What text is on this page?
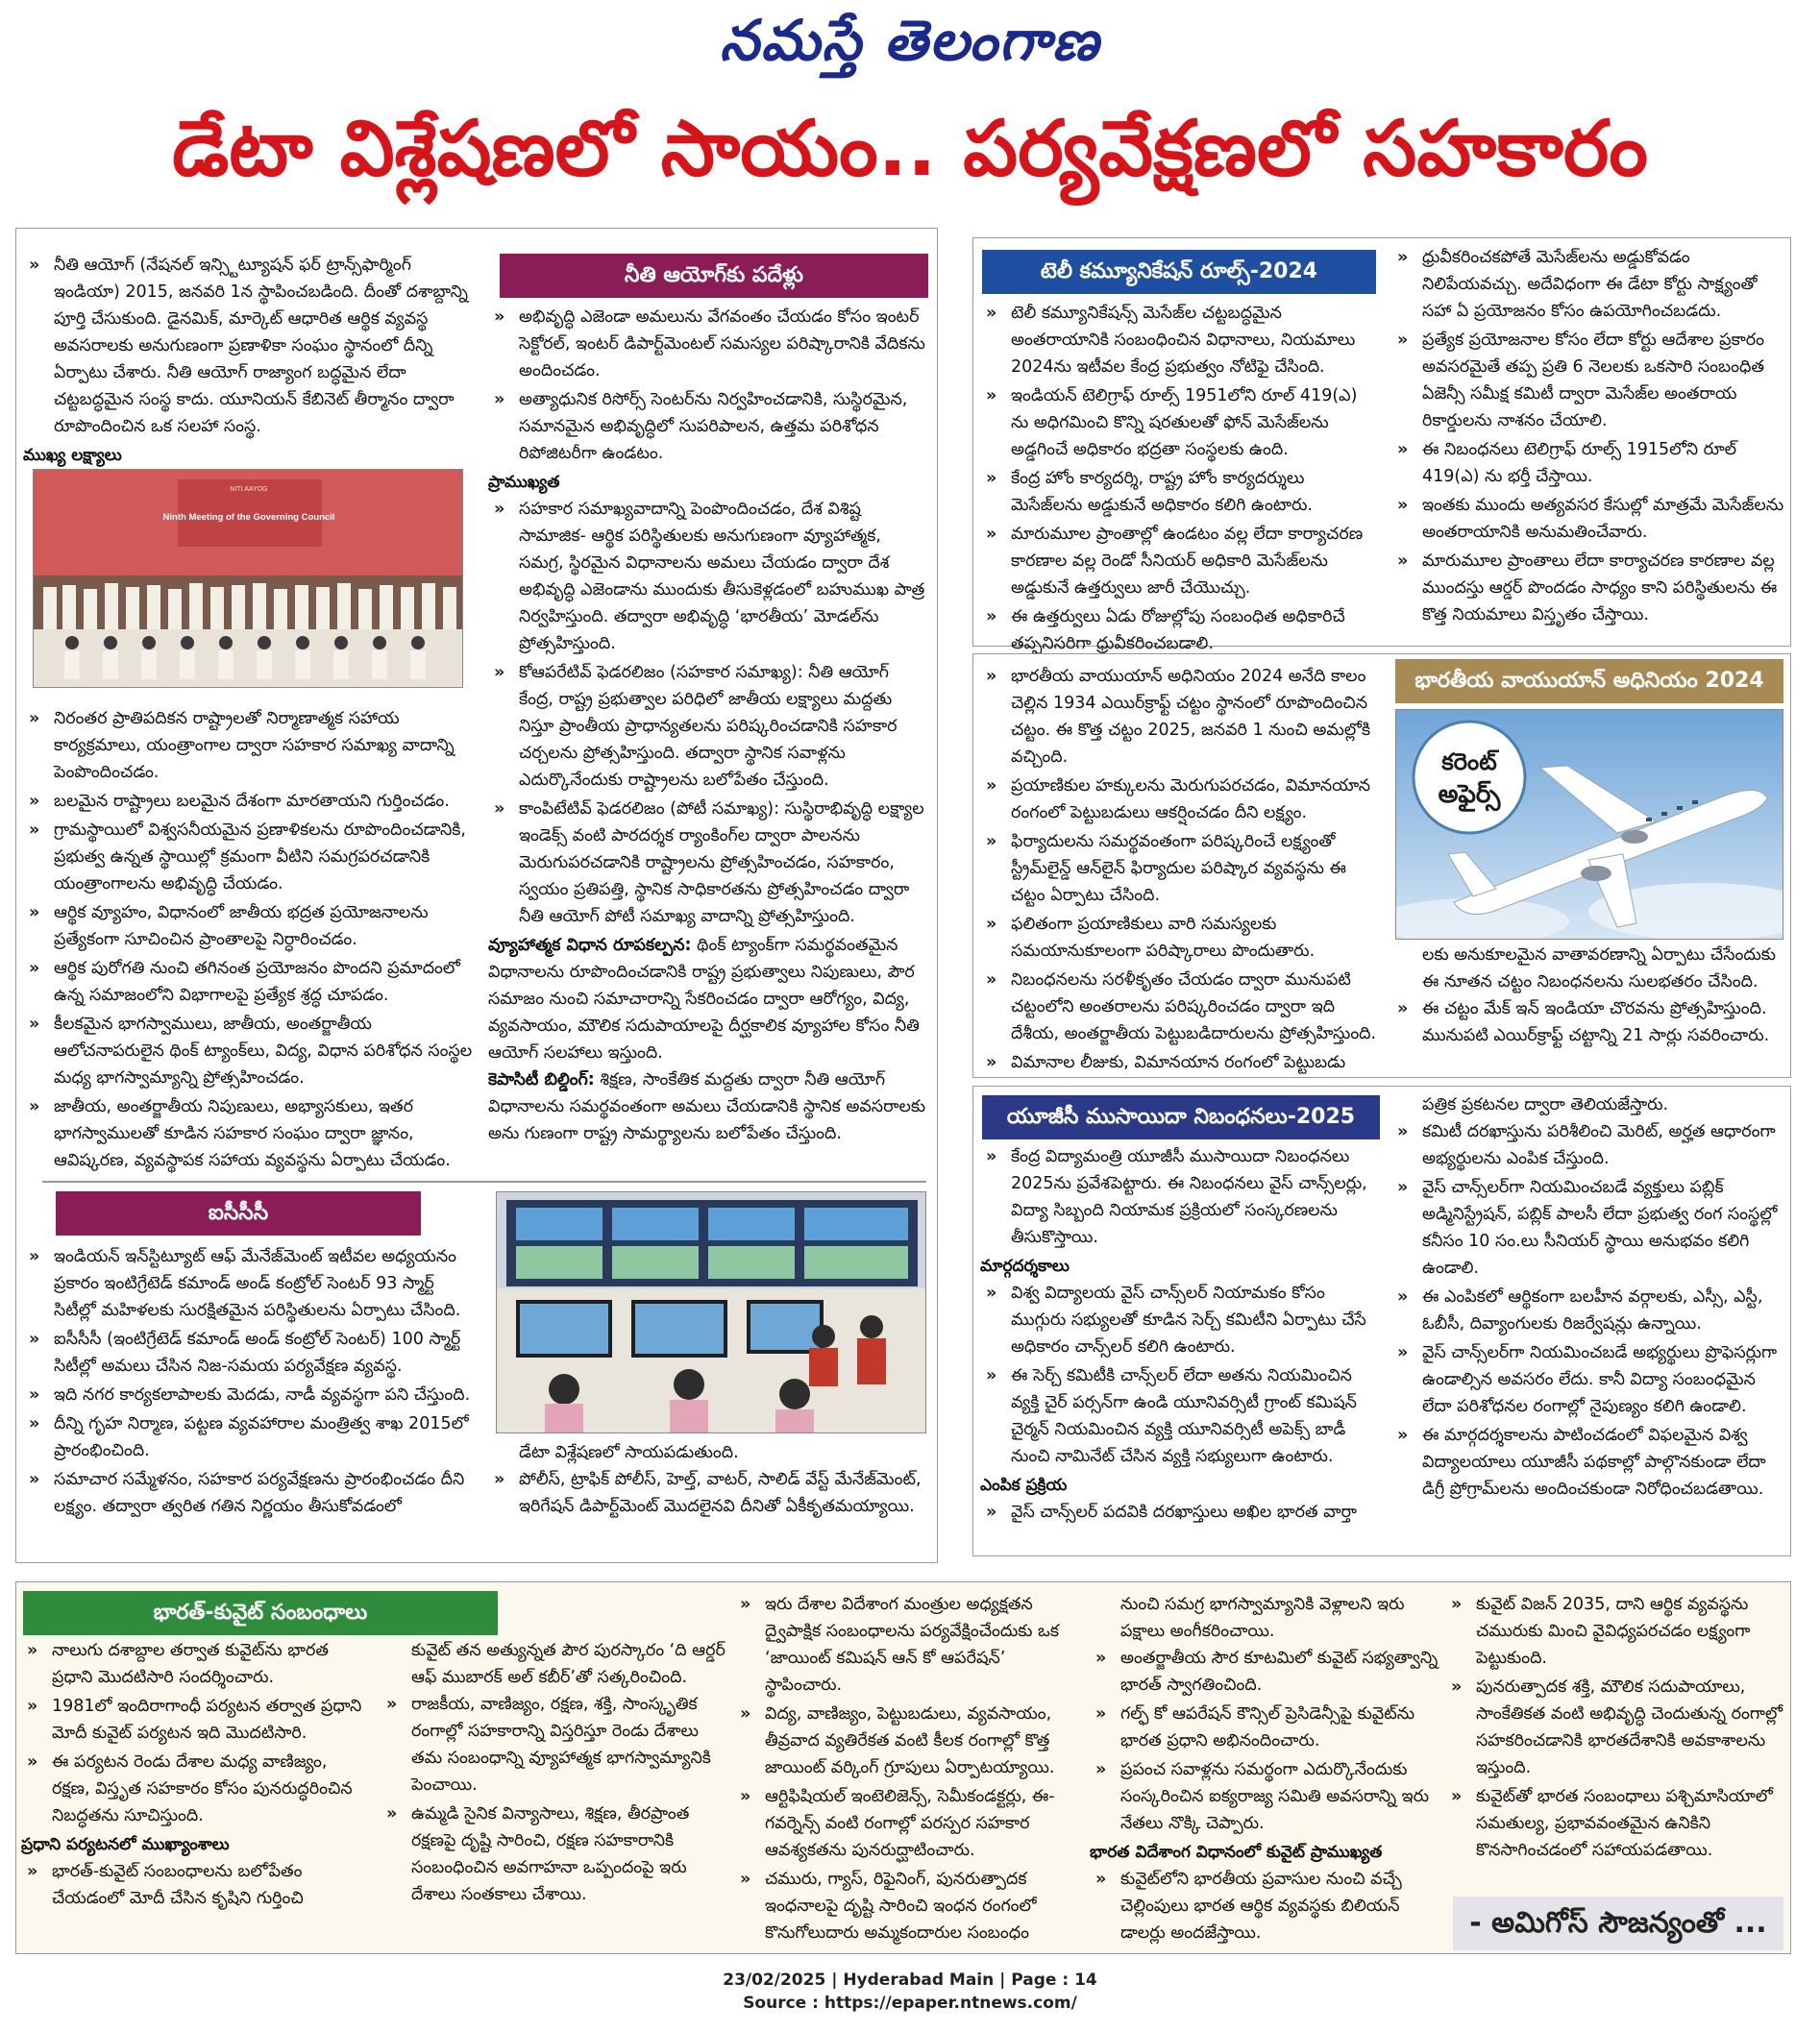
నమస్తే తెలంగాణ
డేటా విశ్లేషణలో సాయం.. పర్యవేక్షణలో సహకారం
» నీతి ఆయోగ్ (నేషనల్ ఇన్స్టిట్యూషన్ ఫర్ ట్రాన్స్‌ఫార్మింగ్ ఇండియా) 2015, జనవరి 1న స్థాపించబడింది. దీంతో దశాబ్దాన్ని పూర్తి చేసుకుంది. డైనమిక్, మార్కెట్ ఆధారిత ఆర్థిక వ్యవస్థ అవసరాలకు అనుగుణంగా ప్రణాళికా సంఘం స్థానంలో దీన్ని ఏర్పాటు చేశారు. నీతి ఆయోగ్ రాజ్యాంగ బద్ధమైన లేదా చట్టబద్ధమైన సంస్థ కాదు. యూనియన్ కేబినెట్ తీర్మానం ద్వారా రూపొందించిన ఒక సలహా సంస్థ.
ముఖ్య లక్ష్యాలు
NITI AAYOG
Ninth Meeting of the Governing Council
» నిరంతర ప్రాతిపదికన రాష్ట్రాలతో నిర్మాణాత్మక సహాయ కార్యక్రమాలు, యంత్రాంగాల ద్వారా సహకార సమాఖ్య వాదాన్ని పెంపొందించడం.
» బలమైన రాష్ట్రాలు బలమైన దేశంగా మారతాయని గుర్తించడం.
» గ్రామస్థాయిలో విశ్వసనీయమైన ప్రణాళికలను రూపొందించడానికి, ప్రభుత్వ ఉన్నత స్థాయిల్లో క్రమంగా వీటిని సమగ్రపరచడానికి యంత్రాంగాలను అభివృద్ధి చేయడం.
» ఆర్థిక వ్యూహం, విధానంలో జాతీయ భద్రత ప్రయోజనాలను ప్రత్యేకంగా సూచించిన ప్రాంతాలపై నిర్ధారించడం.
» ఆర్థిక పురోగతి నుంచి తగినంత ప్రయోజనం పొందని ప్రమాదంలో ఉన్న సమాజంలోని విభాగాలపై ప్రత్యేక శ్రద్ధ చూపడం.
» కీలకమైన భాగస్వాములు, జాతీయ, అంతర్జాతీయ ఆలోచనాపరులైన థింక్ ట్యాంక్‌లు, విద్య, విధాన పరిశోధన సంస్థల మధ్య భాగస్వామ్యాన్ని ప్రోత్సహించడం.
» జాతీయ, అంతర్జాతీయ నిపుణులు, అభ్యాసకులు, ఇతర భాగస్వాములతో కూడిన సహకార సంఘం ద్వారా జ్ఞానం, ఆవిష్కరణ, వ్యవస్థాపక సహాయ వ్యవస్థను ఏర్పాటు చేయడం.
నీతి ఆయోగ్‌కు పదేళ్లు
» అభివృద్ధి ఎజెండా అమలును వేగవంతం చేయడం కోసం ఇంటర్ సెక్టోరల్, ఇంటర్ డిపార్ట్‌మెంటల్ సమస్యల పరిష్కారానికి వేదికను అందించడం.
» అత్యాధునిక రిసోర్స్ సెంటర్‌ను నిర్వహించడానికి, సుస్థిరమైన, సమానమైన అభివృద్ధిలో సుపరిపాలన, ఉత్తమ పరిశోధన రిపోజిటరీగా ఉండటం.
ప్రాముఖ్యత
» సహకార సమాఖ్యవాదాన్ని పెంపొందించడం, దేశ విశిష్ట సామాజిక- ఆర్థిక పరిస్థితులకు అనుగుణంగా వ్యూహాత్మక, సమగ్ర, స్థిరమైన విధానాలను అమలు చేయడం ద్వారా దేశ అభివృద్ధి ఎజెండాను ముందుకు తీసుకెళ్లడంలో బహుముఖ పాత్ర నిర్వహిస్తుంది. తద్వారా అభివృద్ధి ‘భారతీయ’ మోడల్‌ను ప్రోత్సహిస్తుంది.
» కోఆపరేటివ్ ఫెడరలిజం (సహకార సమాఖ్య): నీతి ఆయోగ్ కేంద్ర, రాష్ట్ర ప్రభుత్వాల పరిధిలో జాతీయ లక్ష్యాలు మద్దతు నిస్తూ ప్రాంతీయ ప్రాధాన్యతలను పరిష్కరించడానికి సహకార చర్చలను ప్రోత్సహిస్తుంది. తద్వారా స్థానిక సవాళ్లను ఎదుర్కొనేందుకు రాష్ట్రాలను బలోపేతం చేస్తుంది.
» కాంపిటేటివ్ ఫెడరలిజం (పోటీ సమాఖ్య): సుస్థిరాభివృద్ధి లక్ష్యాల ఇండెక్స్ వంటి పారదర్శక ర్యాంకింగ్‌ల ద్వారా పాలనను మెరుగుపరచడానికి రాష్ట్రాలను ప్రోత్సహించడం, సహకారం, స్వయం ప్రతిపత్తి, స్థానిక సాధికారతను ప్రోత్సహించడం ద్వారా నీతి ఆయోగ్ పోటీ సమాఖ్య వాదాన్ని ప్రోత్సహిస్తుంది.
వ్యూహాత్మక విధాన రూపకల్పన: థింక్ ట్యాంక్‌గా సమర్థవంతమైన విధానాలను రూపొందించడానికి రాష్ట్ర ప్రభుత్వాలు నిపుణులు, పౌర సమాజం నుంచి సమాచారాన్ని సేకరించడం ద్వారా ఆరోగ్యం, విద్య, వ్యవసాయం, మౌలిక సదుపాయాలపై దీర్ఘకాలిక వ్యూహాల కోసం నీతి ఆయోగ్ సలహాలు ఇస్తుంది.
కెపాసిటీ బిల్డింగ్: శిక్షణ, సాంకేతిక మద్దతు ద్వారా నీతి ఆయోగ్ విధానాలను సమర్థవంతంగా అమలు చేయడానికి స్థానిక అవసరాలకు అను గుణంగా రాష్ట్ర సామర్థ్యాలను బలోపేతం చేస్తుంది.
ఐసీసీసీ
» ఇండియన్ ఇన్‌స్టిట్యూట్ ఆఫ్ మేనేజ్‌మెంట్ ఇటీవల అధ్యయనం ప్రకారం ఇంటిగ్రేటెడ్ కమాండ్ అండ్ కంట్రోల్ సెంటర్ 93 స్మార్ట్ సిటీల్లో మహిళలకు సురక్షితమైన పరిస్థితులను ఏర్పాటు చేసింది.
» ఐసీసీసీ (ఇంటిగ్రేటెడ్ కమాండ్ అండ్ కంట్రోల్ సెంటర్) 100 స్మార్ట్ సిటీల్లో అమలు చేసిన నిజ-సమయ పర్యవేక్షణ వ్యవస్థ.
» ఇది నగర కార్యకలాపాలకు మెదడు, నాడీ వ్యవస్థగా పని చేస్తుంది.
» దీన్ని గృహ నిర్మాణ, పట్టణ వ్యవహారాల మంత్రిత్వ శాఖ 2015లో ప్రారంభించింది.
» సమాచార సమ్మేళనం, సహకార పర్యవేక్షణను ప్రారంభించడం దీని లక్ష్యం. తద్వారా త్వరిత గతిన నిర్ణయం తీసుకోవడంలో
డేటా విశ్లేషణలో సాయపడుతుంది.
» పోలీస్, ట్రాఫిక్ పోలీస్, హెల్త్, వాటర్, సాలిడ్ వేస్ట్ మేనేజ్‌మెంట్, ఇరిగేషన్ డిపార్ట్‌మెంట్ మొదలైనవి దీనితో ఏకీకృతమయ్యాయి.
టెలీ కమ్యూనికేషన్ రూల్స్-2024
» టెలీ కమ్యూనికేషన్స్ మెసేజ్‌ల చట్టబద్ధమైన అంతరాయానికి సంబంధించిన విధానాలు, నియమాలు 2024ను ఇటీవల కేంద్ర ప్రభుత్వం నోటిఫై చేసింది.
» ఇండియన్ టెలిగ్రాఫ్ రూల్స్ 1951లోని రూల్ 419(ఎ) ను అధిగమించి కొన్ని షరతులతో ఫోన్ మెసేజ్‌లను అడ్డగించే అధికారం భద్రతా సంస్థలకు ఉంది.
» కేంద్ర హోం కార్యదర్శి, రాష్ట్ర హోం కార్యదర్శులు మెసేజ్‌లను అడ్డుకునే అధికారం కలిగి ఉంటారు.
» మారుమూల ప్రాంతాల్లో ఉండటం వల్ల లేదా కార్యాచరణ కారణాల వల్ల రెండో సీనియర్ అధికారి మెసేజ్‌లను అడ్డుకునే ఉత్తర్వులు జారీ చేయొచ్చు.
» ఈ ఉత్తర్వులు ఏడు రోజుల్లోపు సంబంధిత అధికారిచే తప్పనిసరిగా ధ్రువీకరించబడాలి.
» ధ్రువీకరించకపోతే మెసేజ్‌లను అడ్డుకోవడం నిలిపేయవచ్చు. అదేవిధంగా ఈ డేటా కోర్టు సాక్ష్యంతో సహా ఏ ప్రయోజనం కోసం ఉపయోగించబడదు.
» ప్రత్యేక ప్రయోజనాల కోసం లేదా కోర్టు ఆదేశాల ప్రకారం అవసరమైతే తప్ప ప్రతి 6 నెలలకు ఒకసారి సంబంధిత ఏజెన్సీ సమీక్ష కమిటీ ద్వారా మెసేజ్‌ల అంతరాయ రికార్డులను నాశనం చేయాలి.
» ఈ నిబంధనలు టెలిగ్రాఫ్ రూల్స్ 1915లోని రూల్ 419(ఎ) ను భర్తీ చేస్తాయి.
» ఇంతకు ముందు అత్యవసర కేసుల్లో మాత్రమే మెసేజ్‌లను అంతరాయానికి అనుమతించేవారు.
» మారుమూల ప్రాంతాలు లేదా కార్యాచరణ కారణాల వల్ల ముందస్తు ఆర్డర్ పొందడం సాధ్యం కాని పరిస్థితులను ఈ కొత్త నియమాలు విస్తృతం చేస్తాయి.
» భారతీయ వాయుయాన్ అధినియం 2024 అనేది కాలం చెల్లిన 1934 ఎయిర్‌క్రాఫ్ట్ చట్టం స్థానంలో రూపొందించిన చట్టం. ఈ కొత్త చట్టం 2025, జనవరి 1 నుంచి అమల్లోకి వచ్చింది.
» ప్రయాణికుల హక్కులను మెరుగుపరచడం, విమానయాన రంగంలో పెట్టుబడులు ఆకర్షించడం దీని లక్ష్యం.
» ఫిర్యాదులను సమర్థవంతంగా పరిష్కరించే లక్ష్యంతో స్ట్రీమ్‌లైన్డ్ ఆన్‌లైన్ ఫిర్యాదుల పరిష్కార వ్యవస్థను ఈ చట్టం ఏర్పాటు చేసింది.
» ఫలితంగా ప్రయాణికులు వారి సమస్యలకు సమయానుకూలంగా పరిష్కారాలు పొందుతారు.
» నిబంధనలను సరళీకృతం చేయడం ద్వారా మునుపటి చట్టంలోని అంతరాలను పరిష్కరించడం ద్వారా ఇది దేశీయ, అంతర్జాతీయ పెట్టుబడిదారులను ప్రోత్సహిస్తుంది.
» విమానాల లీజుకు, విమానయాన రంగంలో పెట్టుబడు
భారతీయ వాయుయాన్ అధినియం 2024
కరెంట్
అఫైర్స్
లకు అనుకూలమైన వాతావరణాన్ని ఏర్పాటు చేసేందుకు ఈ నూతన చట్టం నిబంధనలను సులభతరం చేసింది.
» ఈ చట్టం మేక్ ఇన్ ఇండియా చొరవను ప్రోత్సహిస్తుంది. మునుపటి ఎయిర్‌క్రాఫ్ట్ చట్టాన్ని 21 సార్లు సవరించారు.
యూజీసీ ముసాయిదా నిబంధనలు-2025
» కేంద్ర విద్యామంత్రి యూజీసీ ముసాయిదా నిబంధనలు 2025ను ప్రవేశపెట్టారు. ఈ నిబంధనలు వైస్ చాన్స్‌లర్లు, విద్యా సిబ్బంది నియామక ప్రక్రియలో సంస్కరణలను తీసుకొస్తాయి.
మార్గదర్శకాలు
» విశ్వ విద్యాలయ వైస్ చాన్స్‌లర్ నియామకం కోసం ముగ్గురు సభ్యులతో కూడిన సెర్చ్ కమిటీని ఏర్పాటు చేసే అధికారం చాన్స్‌లర్ కలిగి ఉంటారు.
» ఈ సెర్చ్ కమిటీకి చాన్స్‌లర్ లేదా అతను నియమించిన వ్యక్తి చైర్ పర్సన్‌గా ఉండి యూనివర్సిటీ గ్రాంట్ కమిషన్ చైర్మన్ నియమించిన వ్యక్తి యూనివర్సిటీ అపెక్స్ బాడీ నుంచి నామినేట్ చేసిన వ్యక్తి సభ్యులుగా ఉంటారు.
ఎంపిక ప్రక్రియ
» వైస్ చాన్స్‌లర్ పదవికి దరఖాస్తులు అఖిల భారత వార్తా
పత్రిక ప్రకటనల ద్వారా తెలియజేస్తారు.
» కమిటీ దరఖాస్తును పరిశీలించి మెరిట్, అర్హత ఆధారంగా అభ్యర్థులను ఎంపిక చేస్తుంది.
» వైస్ చాన్స్‌లర్‌గా నియమించబడే వ్యక్తులు పబ్లిక్ అడ్మినిస్ట్రేషన్, పబ్లిక్ పాలసీ లేదా ప్రభుత్వ రంగ సంస్థల్లో కనీసం 10 సం.లు సీనియర్ స్థాయి అనుభవం కలిగి ఉండాలి.
» ఈ ఎంపికలో ఆర్థికంగా బలహీన వర్గాలకు, ఎస్సీ, ఎస్టీ, ఓబీసీ, దివ్యాంగులకు రిజర్వేషన్లు ఉన్నాయి.
» వైస్ చాన్స్‌లర్‌గా నియమించబడే అభ్యర్థులు ప్రొఫెసర్లుగా ఉండాల్సిన అవసరం లేదు. కానీ విద్యా సంబంధమైన లేదా పరిశోధనల రంగాల్లో నైపుణ్యం కలిగి ఉండాలి.
» ఈ మార్గదర్శకాలను పాటించడంలో విఫలమైన విశ్వ విద్యాలయాలు యూజీసీ పథకాల్లో పాల్గొనకుండా లేదా డిగ్రీ ప్రోగ్రామ్‌లను అందించకుండా నిరోధించబడతాయి.
భారత్-కువైట్ సంబంధాలు
» నాలుగు దశాబ్దాల తర్వాత కువైట్‌ను భారత ప్రధాని మొదటిసారి సందర్శించారు.
» 1981లో ఇందిరాగాంధీ పర్యటన తర్వాత ప్రధాని మోదీ కువైట్ పర్యటన ఇది మొదటిసారి.
» ఈ పర్యటన రెండు దేశాల మధ్య వాణిజ్యం, రక్షణ, విస్తృత సహకారం కోసం పునరుద్ధరించిన నిబద్ధతను సూచిస్తుంది.
ప్రధాని పర్యటనలో ముఖ్యాంశాలు
» భారత్-కువైట్ సంబంధాలను బలోపేతం చేయడంలో మోదీ చేసిన కృషిని గుర్తించి
కువైట్ తన అత్యున్నత పౌర పురస్కారం ‘ది ఆర్డర్ ఆఫ్ ముబారక్ అల్ కబీర్’తో సత్కరించింది.
» రాజకీయ, వాణిజ్యం, రక్షణ, శక్తి, సాంస్కృతిక రంగాల్లో సహకారాన్ని విస్తరిస్తూ రెండు దేశాలు తమ సంబంధాన్ని వ్యూహాత్మక భాగస్వామ్యానికి పెంచాయి.
» ఉమ్మడి సైనిక విన్యాసాలు, శిక్షణ, తీరప్రాంత రక్షణపై దృష్టి సారించి, రక్షణ సహకారానికి సంబంధించిన అవగాహనా ఒప్పందంపై ఇరు దేశాలు సంతకాలు చేశాయి.
» ఇరు దేశాల విదేశాంగ మంత్రుల అధ్యక్షతన ద్వైపాక్షిక సంబంధాలను పర్యవేక్షించేందుకు ఒక ‘జాయింట్ కమిషన్ ఆన్ కో ఆపరేషన్’ స్థాపించారు.
» విద్య, వాణిజ్యం, పెట్టుబడులు, వ్యవసాయం, తీవ్రవాద వ్యతిరేకత వంటి కీలక రంగాల్లో కొత్త జాయింట్ వర్కింగ్ గ్రూపులు ఏర్పాటయ్యాయి.
» ఆర్టిఫిషియల్ ఇంటెలిజెన్స్, సెమీకండక్టర్లు, ఈ-గవర్నెన్స్ వంటి రంగాల్లో పరస్పర సహకార ఆవశ్యకతను పునరుద్ఘాటించారు.
» చమురు, గ్యాస్, రిఫైనింగ్, పునరుత్పాదక ఇంధనాలపై దృష్టి సారించి ఇంధన రంగంలో కొనుగోలుదారు అమ్మకందారుల సంబంధం
నుంచి సమగ్ర భాగస్వామ్యానికి వెళ్లాలని ఇరు పక్షాలు అంగీకరించాయి.
» అంతర్జాతీయ సౌర కూటమిలో కువైట్ సభ్యత్వాన్ని భారత్ స్వాగతించింది.
» గల్ఫ్ కో ఆపరేషన్ కౌన్సిల్ ప్రెసిడెన్సీపై కువైట్‌ను భారత ప్రధాని అభినందించారు.
» ప్రపంచ సవాళ్లను సమర్థంగా ఎదుర్కొనేందుకు సంస్కరించిన ఐక్యరాజ్య సమితి అవసరాన్ని ఇరు నేతలు నొక్కి చెప్పారు.
భారత విదేశాంగ విధానంలో కువైట్ ప్రాముఖ్యత
» కువైట్‌లోని భారతీయ ప్రవాసుల నుంచి వచ్చే చెల్లింపులు భారత ఆర్థిక వ్యవస్థకు బిలియన్ డాలర్లు అందజేస్తాయి.
» కువైట్ విజన్ 2035, దాని ఆర్థిక వ్యవస్థను చమురుకు మించి వైవిధ్యపరచడం లక్ష్యంగా పెట్టుకుంది.
» పునరుత్పాదక శక్తి, మౌలిక సదుపాయాలు, సాంకేతికత వంటి అభివృద్ధి చెందుతున్న రంగాల్లో సహకరించడానికి భారతదేశానికి అవకాశాలను ఇస్తుంది.
» కువైట్‌తో భారత సంబంధాలు పశ్చిమాసియాలో సమతుల్య, ప్రభావవంతమైన ఉనికిని కొనసాగించడంలో సహాయపడతాయి.
- అమిగోస్ సౌజన్యంతో ...
23/02/2025 | Hyderabad Main | Page : 14
Source : https://epaper.ntnews.com/
